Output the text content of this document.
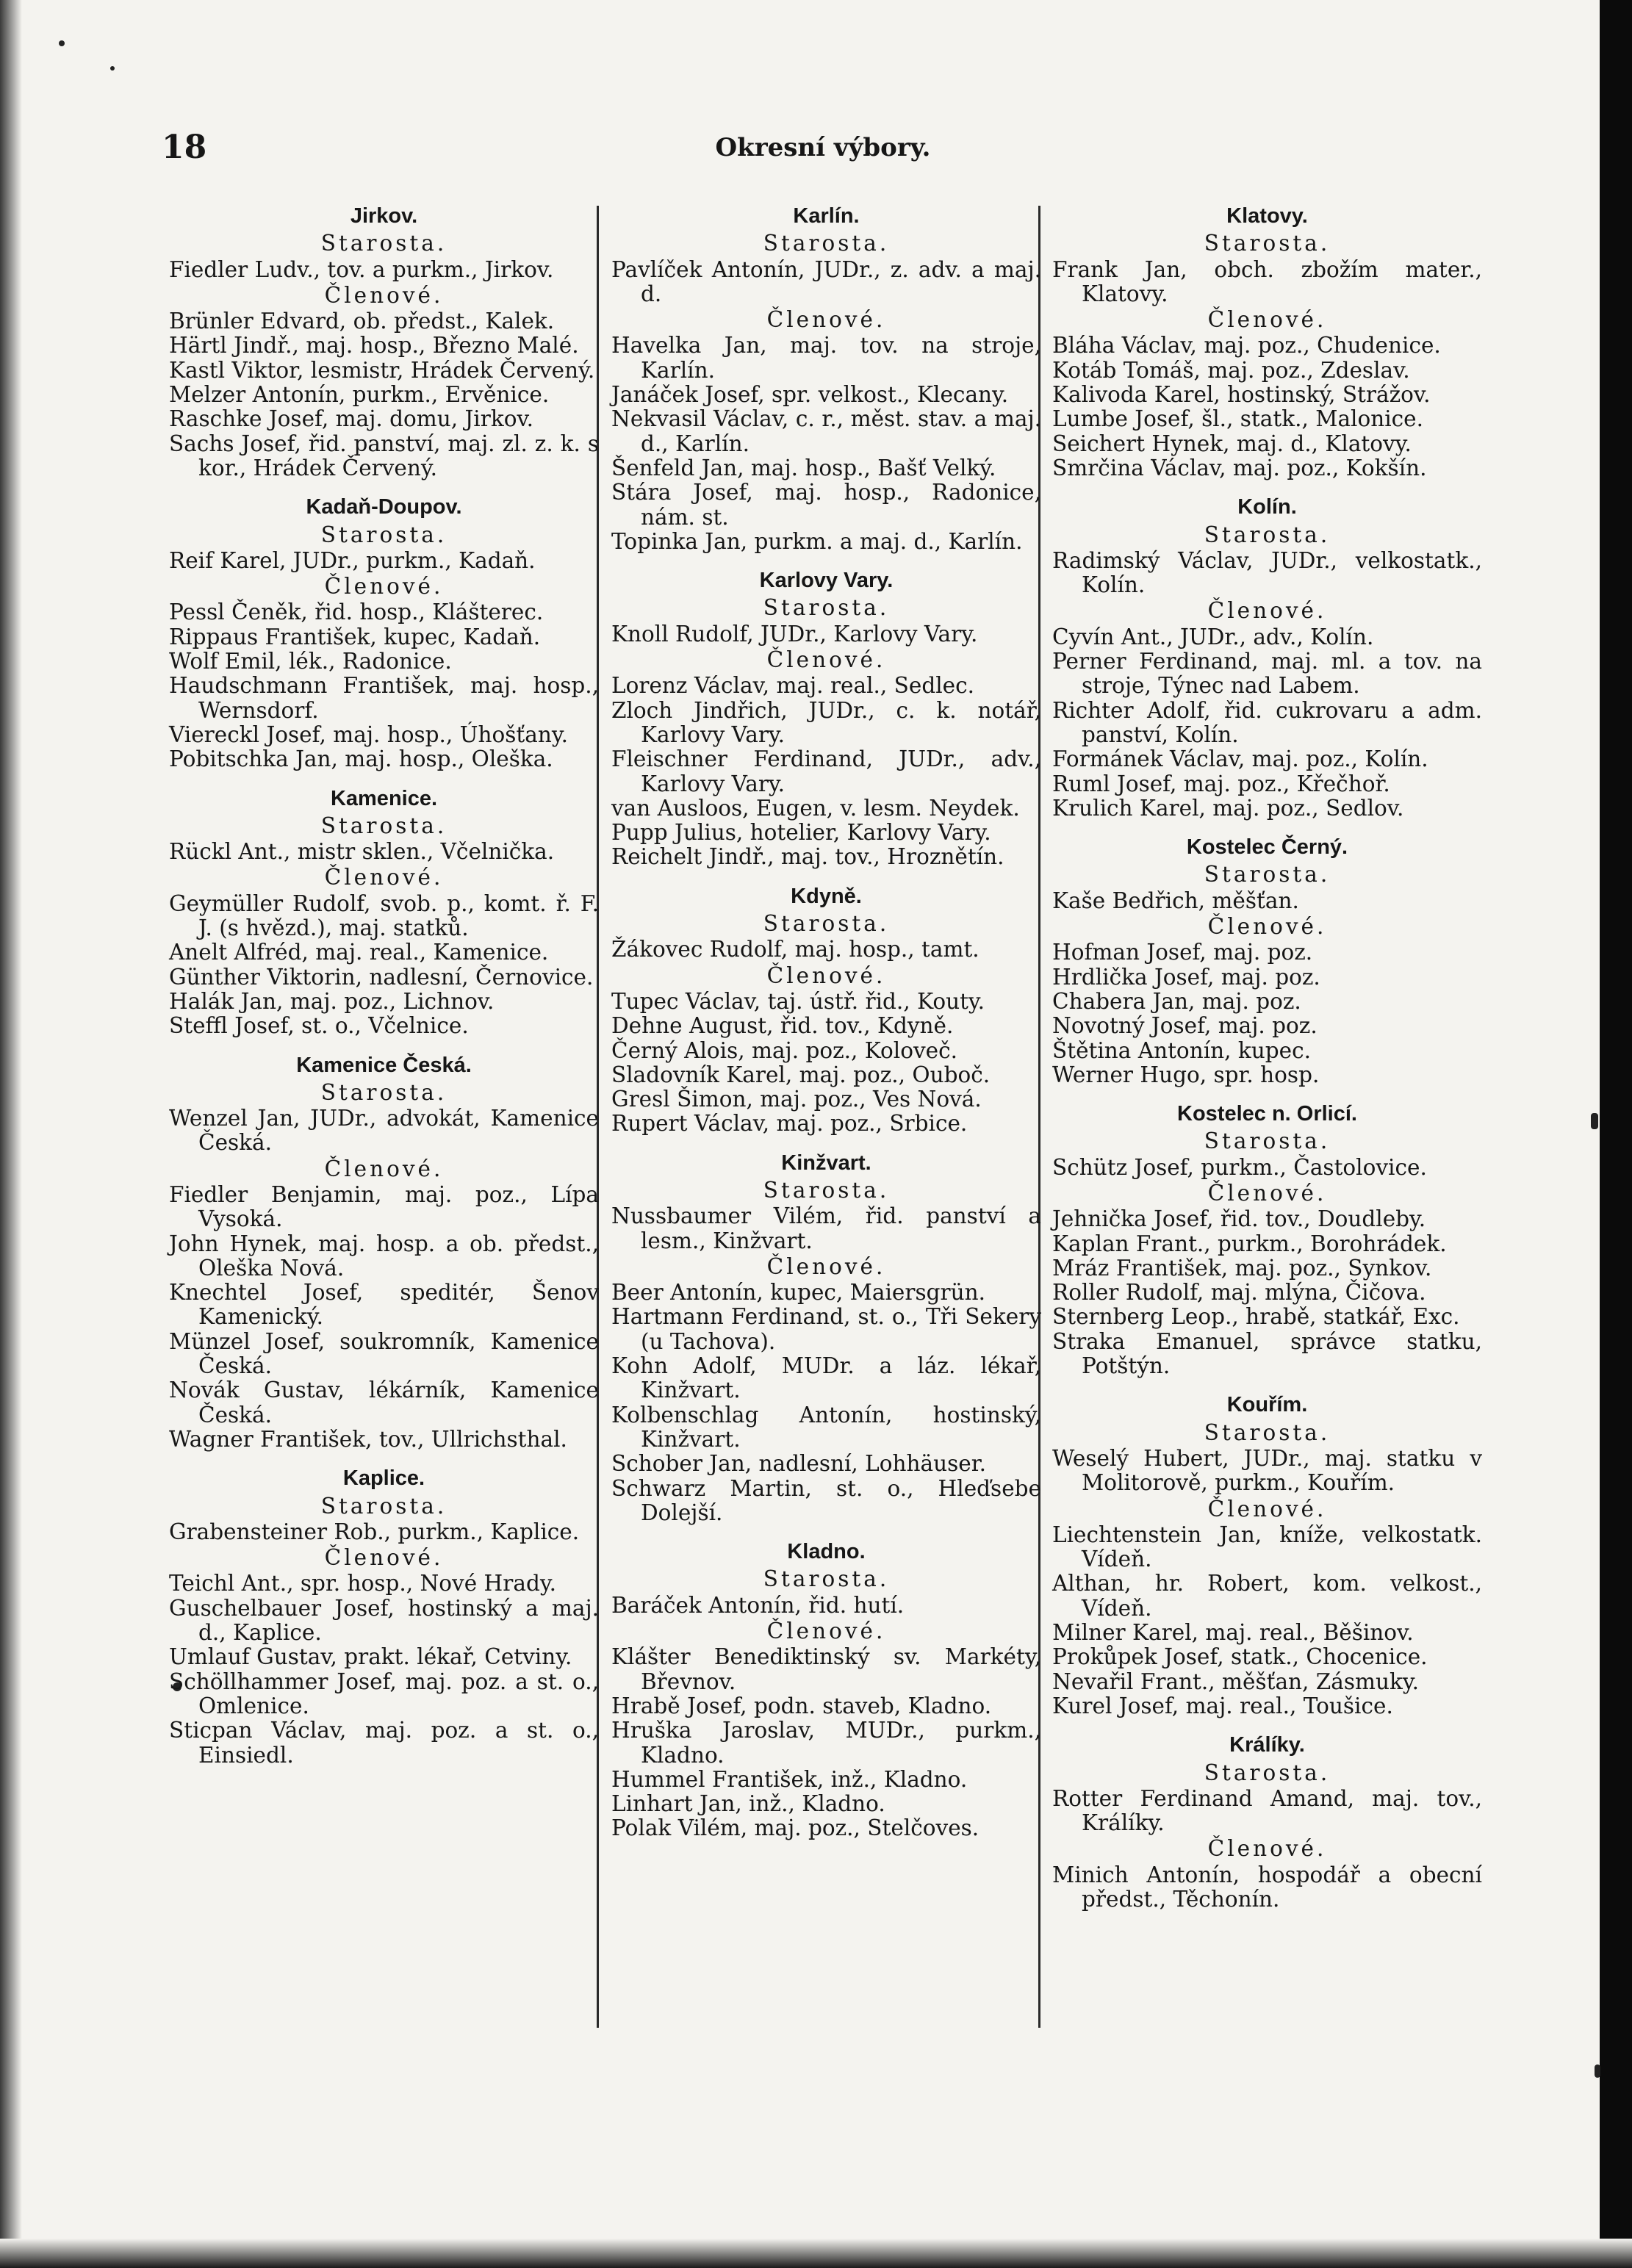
18	Okresní výbory.
Jirkov.
Starosta.
Fiedler Ludv., tov. a purkm., Jirkov.
Členové.
Brünler Edvard, ob. předst., Kalek.
Härtl Jindř., maj. hosp., Březno Malé.
Kastl Viktor, lesmistr, Hrádek Červený.
Melzer Antonín, purkm., Ervěnice.
Raschke Josef, maj. domu, Jirkov.
Sachs Josef, řid. panství, maj. zl. z. k. s kor., Hrádek Červený.
Kadaň-Doupov.
Starosta.
Reif Karel, JUDr., purkm., Kadaň.
Členové.
Pessl Čeněk, řid. hosp., Klášterec.
Rippaus František, kupec, Kadaň.
Wolf Emil, lék., Radonice.
Haudschmann František, maj. hosp., Wernsdorf.
Viereckl Josef, maj. hosp., Úhošťany.
Pobitschka Jan, maj. hosp., Oleška.
Kamenice.
Starosta.
Rückl Ant., mistr sklen., Včelnička.
Členové.
Geymüller Rudolf, svob. p., komt. ř. F. J. (s hvězd.), maj. statků.
Anelt Alfréd, maj. real., Kamenice.
Günther Viktorin, nadlesní, Černovice.
Halák Jan, maj. poz., Lichnov.
Steffl Josef, st. o., Včelnice.
Kamenice Česká.
Starosta.
Wenzel Jan, JUDr., advokát, Kamenice Česká.
Členové.
Fiedler Benjamin, maj. poz., Lípa Vysoká.
John Hynek, maj. hosp. a ob. předst., Oleška Nová.
Knechtel Josef, speditér, Šenov Kamenický.
Münzel Josef, soukromník, Kamenice Česká.
Novák Gustav, lékárník, Kamenice Česká.
Wagner František, tov., Ullrichsthal.
Kaplice.
Starosta.
Grabensteiner Rob., purkm., Kaplice.
Členové.
Teichl Ant., spr. hosp., Nové Hrady.
Guschelbauer Josef, hostinský a maj. d., Kaplice.
Umlauf Gustav, prakt. lékař, Cetviny.
Schöllhammer Josef, maj. poz. a st. o., Omlenice.
Sticpan Václav, maj. poz. a st. o., Einsiedl.
Karlín.
Starosta.
Pavlíček Antonín, JUDr., z. adv. a maj. d.
Členové.
Havelka Jan, maj. tov. na stroje, Karlín.
Janáček Josef, spr. velkost., Klecany.
Nekvasil Václav, c. r., měst. stav. a maj. d., Karlín.
Šenfeld Jan, maj. hosp., Bašť Velký.
Stára Josef, maj. hosp., Radonice, nám. st.
Topinka Jan, purkm. a maj. d., Karlín.
Karlovy Vary.
Starosta.
Knoll Rudolf, JUDr., Karlovy Vary.
Členové.
Lorenz Václav, maj. real., Sedlec.
Zloch Jindřich, JUDr., c. k. notář, Karlovy Vary.
Fleischner Ferdinand, JUDr., adv., Karlovy Vary.
van Ausloos, Eugen, v. lesm. Neydek.
Pupp Julius, hotelier, Karlovy Vary.
Reichelt Jindř., maj. tov., Hroznětín.
Kdyně.
Starosta.
Žákovec Rudolf, maj. hosp., tamt.
Členové.
Tupec Václav, taj. ústř. řid., Kouty.
Dehne August, řid. tov., Kdyně.
Černý Alois, maj. poz., Koloveč.
Sladovník Karel, maj. poz., Ouboč.
Gresl Šimon, maj. poz., Ves Nová.
Rupert Václav, maj. poz., Srbice.
Kinžvart.
Starosta.
Nussbaumer Vilém, řid. panství a lesm., Kinžvart.
Členové.
Beer Antonín, kupec, Maiersgrün.
Hartmann Ferdinand, st. o., Tři Sekery (u Tachova).
Kohn Adolf, MUDr. a láz. lékař, Kinžvart.
Kolbenschlag Antonín, hostinský, Kinžvart.
Schober Jan, nadlesní, Lohhäuser.
Schwarz Martin, st. o., Hleďsebe Dolejší.
Kladno.
Starosta.
Baráček Antonín, řid. hutí.
Členové.
Klášter Benediktinský sv. Markéty, Břevnov.
Hrabě Josef, podn. staveb, Kladno.
Hruška Jaroslav, MUDr., purkm., Kladno.
Hummel František, inž., Kladno.
Linhart Jan, inž., Kladno.
Polak Vilém, maj. poz., Stelčoves.
Klatovy.
Starosta.
Frank Jan, obch. zbožím mater., Klatovy.
Členové.
Bláha Václav, maj. poz., Chudenice.
Kotáb Tomáš, maj. poz., Zdeslav.
Kalivoda Karel, hostinský, Strážov.
Lumbe Josef, šl., statk., Malonice.
Seichert Hynek, maj. d., Klatovy.
Smrčina Václav, maj. poz., Kokšín.
Kolín.
Starosta.
Radimský Václav, JUDr., velkostatk., Kolín.
Členové.
Cyvín Ant., JUDr., adv., Kolín.
Perner Ferdinand, maj. ml. a tov. na stroje, Týnec nad Labem.
Richter Adolf, řid. cukrovaru a adm. panství, Kolín.
Formánek Václav, maj. poz., Kolín.
Ruml Josef, maj. poz., Křečhoř.
Krulich Karel, maj. poz., Sedlov.
Kostelec Černý.
Starosta.
Kaše Bedřich, měšťan.
Členové.
Hofman Josef, maj. poz.
Hrdlička Josef, maj. poz.
Chabera Jan, maj. poz.
Novotný Josef, maj. poz.
Štětina Antonín, kupec.
Werner Hugo, spr. hosp.
Kostelec n. Orlicí.
Starosta.
Schütz Josef, purkm., Častolovice.
Členové.
Jehnička Josef, řid. tov., Doudleby.
Kaplan Frant., purkm., Borohrádek.
Mráz František, maj. poz., Synkov.
Roller Rudolf, maj. mlýna, Čičova.
Sternberg Leop., hrabě, statkář, Exc.
Straka Emanuel, správce statku, Potštýn.
Kouřím.
Starosta.
Weselý Hubert, JUDr., maj. statku v Molitorově, purkm., Kouřím.
Členové.
Liechtenstein Jan, kníže, velkostatk. Vídeň.
Althan, hr. Robert, kom. velkost., Vídeň.
Milner Karel, maj. real., Běšinov.
Prokůpek Josef, statk., Chocenice.
Nevařil Frant., měšťan, Zásmuky.
Kurel Josef, maj. real., Toušice.
Králíky.
Starosta.
Rotter Ferdinand Amand, maj. tov., Králíky.
Členové.
Minich Antonín, hospodář a obecní předst., Těchonín.
